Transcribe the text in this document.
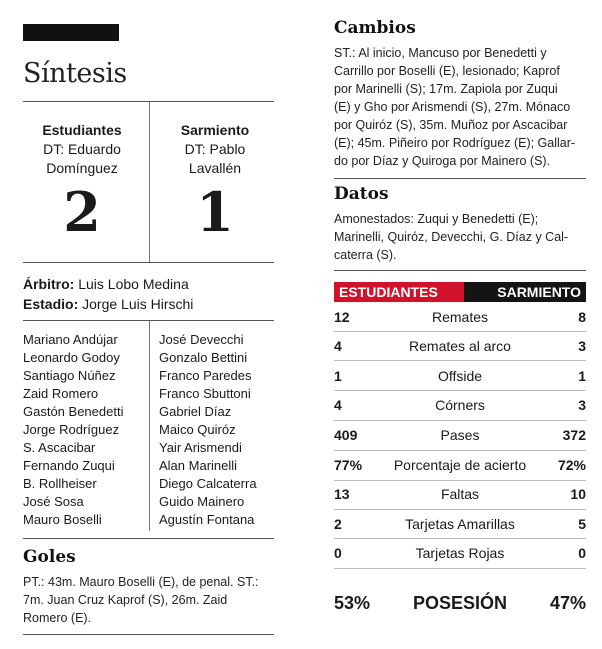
Síntesis
Estudiantes
DT: Eduardo
Domínguez
2
Sarmiento
DT: Pablo
Lavallén
1
Árbitro: Luis Lobo Medina
Estadio: Jorge Luis Hirschi
Mariano Andújar
Leonardo Godoy
Santiago Núñez
Zaid Romero
Gastón Benedetti
Jorge Rodríguez
S. Ascacibar
Fernando Zuqui
B. Rollheiser
José Sosa
Mauro Boselli
José Devecchi
Gonzalo Bettini
Franco Paredes
Franco Sbuttoni
Gabriel Díaz
Maico Quiróz
Yair Arismendi
Alan Marinelli
Diego Calcaterra
Guido Mainero
Agustín Fontana
Goles
PT.: 43m. Mauro Boselli (E), de penal. ST.:
7m. Juan Cruz Kaprof (S), 26m. Zaid
Romero (E).
Cambios
ST.: Al inicio, Mancuso por Benedetti y
Carrillo por Boselli (E), lesionado; Kaprof
por Marinelli (S); 17m. Zapiola por Zuqui
(E) y Gho por Arismendi (S), 27m. Mónaco
por Quiróz (S), 35m. Muñoz por Ascacibar
(E); 45m. Piñeiro por Rodríguez (E); Gallar-
do por Díaz y Quiroga por Mainero (S).
Datos
Amonestados: Zuqui y Benedetti (E);
Marinelli, Quiróz, Devecchi, G. Díaz y Cal-
caterra (S).
ESTUDIANTES	SARMIENTO
12	Remates	8
4	Remates al arco	3
1	Offside	1
4	Córners	3
409	Pases	372
77%	Porcentaje de acierto	72%
13	Faltas	10
2	Tarjetas Amarillas	5
0	Tarjetas Rojas	0
53%	POSESIÓN	47%
